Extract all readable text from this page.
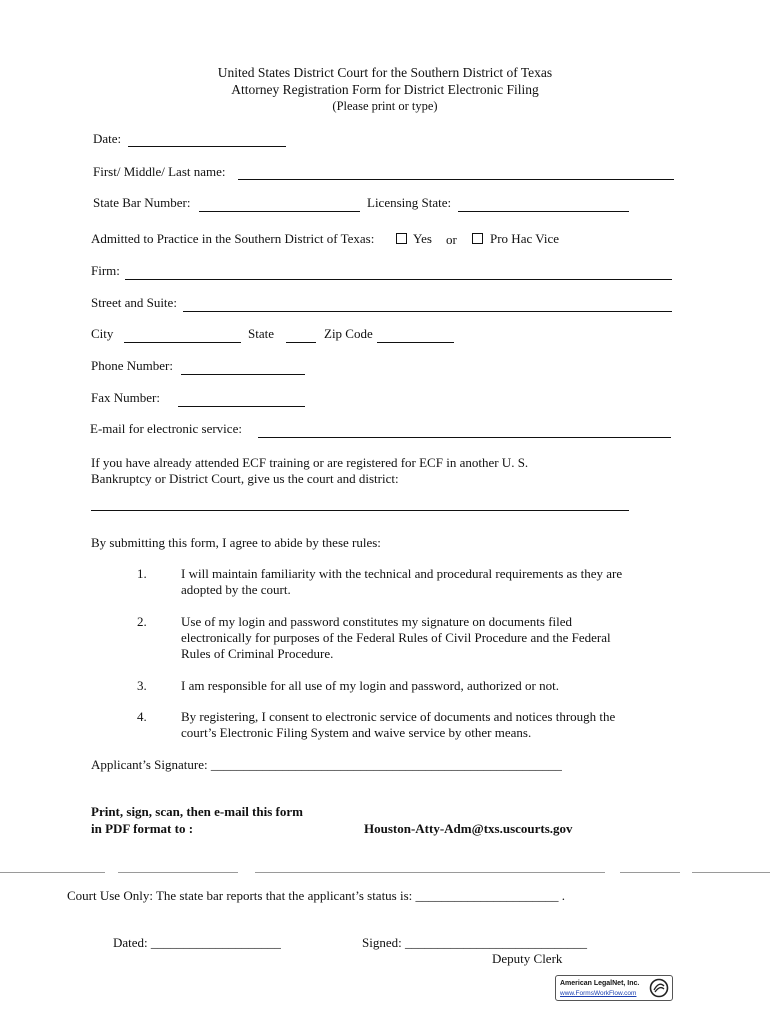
United States District Court for the Southern District of Texas
Attorney Registration Form for District Electronic Filing
(Please print or type)
Date:
First/ Middle/ Last name:
State Bar Number:	Licensing State:
Admitted to Practice in the Southern District of Texas:	Yes or	Pro Hac Vice
Firm:
Street and Suite:
City	State	Zip Code
Phone Number:
Fax Number:
E-mail for electronic service:
If you have already attended ECF training or are registered for ECF in another U. S.
Bankruptcy or District Court, give us the court and district:
By submitting this form, I agree to abide by these rules:
1.	I will maintain familiarity with the technical and procedural requirements as they are adopted by the court.
2.	Use of my login and password constitutes my signature on documents filed electronically for purposes of the Federal Rules of Civil Procedure and the Federal Rules of Criminal Procedure.
3.	I am responsible for all use of my login and password, authorized or not.
4.	By registering, I consent to electronic service of documents and notices through the court’s Electronic Filing System and waive service by other means.
Applicant’s Signature: ______________________________________________________
Print, sign, scan, then e-mail this form
in PDF format to :	Houston-Atty-Adm@txs.uscourts.gov
Court Use Only: The state bar reports that the applicant’s status is: ______________________ .
Dated: ____________________	Signed: ____________________________
Deputy Clerk
American LegalNet, Inc.
www.FormsWorkFlow.com
